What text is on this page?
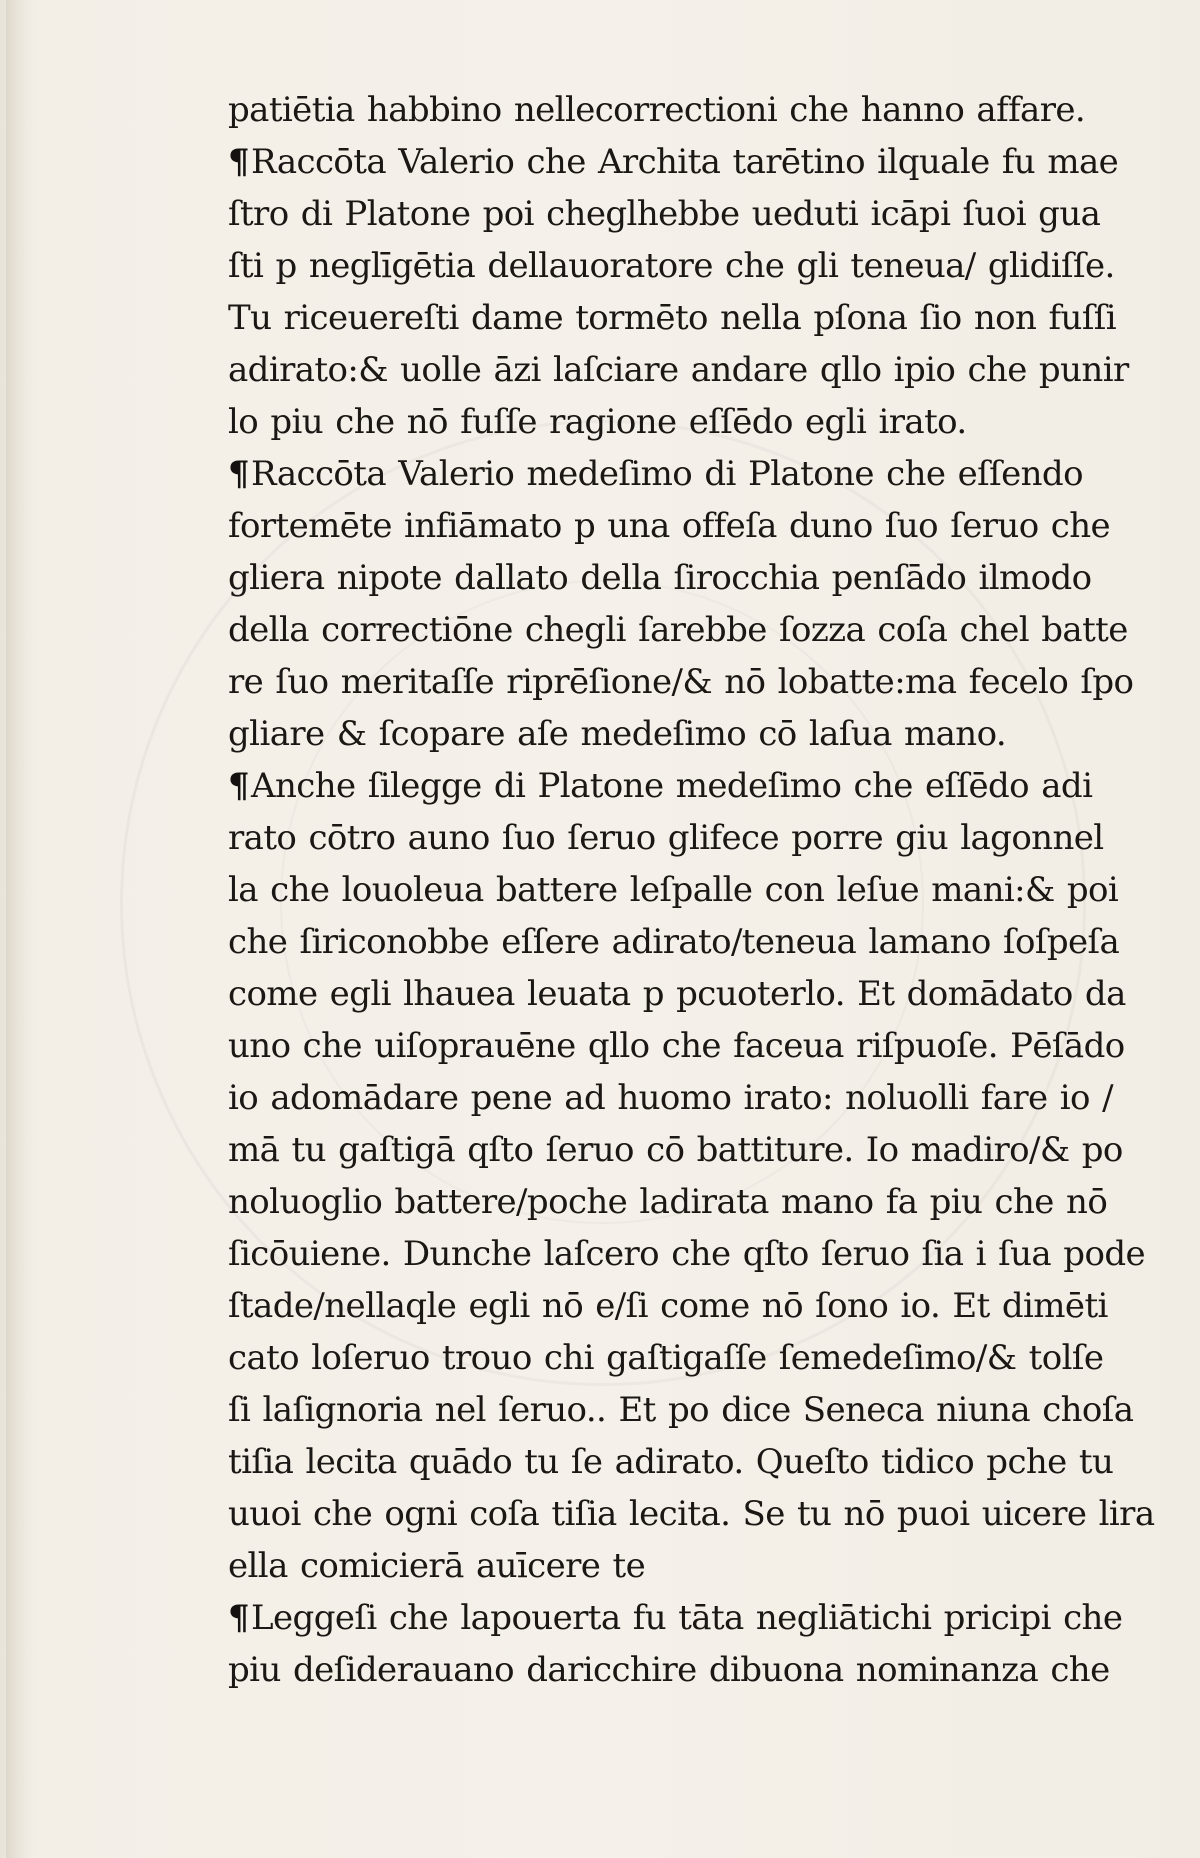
patiētia habbino nellecorrectioni che hanno affare.
¶Raccōta Valerio che Archita tarētino ilquale fu mae
ſtro di Platone poi cheglhebbe ueduti icāpi ſuoi gua
ſti p neglīgētia dellauoratore che gli teneua/ glidiſſe.
Tu riceuereſti dame tormēto nella pſona ſio non fuſſi
adirato:& uolle āzi laſciare andare qllo ipio che punir
lo piu che nō fuſſe ragione eſſēdo egli irato.
¶Raccōta Valerio medeſimo di Platone che eſſendo
fortemēte infiāmato p una offeſa duno ſuo ſeruo che
gliera nipote dallato della ſirocchia penſādo ilmodo
della correctiōne chegli ſarebbe ſozza coſa chel batte
re ſuo meritaſſe riprēſione/& nō lobatte:ma fecelo ſpo
gliare & ſcopare aſe medeſimo cō laſua mano.
¶Anche ſilegge di Platone medeſimo che eſſēdo adi
rato cōtro auno ſuo ſeruo glifece porre giu lagonnel
la che louoleua battere leſpalle con leſue mani:& poi
che ſiriconobbe eſſere adirato/teneua lamano ſoſpeſa
come egli lhauea leuata p pcuoterlo. Et domādato da
uno che uiſoprauēne qllo che faceua riſpuoſe. Pēſādo
io adomādare pene ad huomo irato: noluolli fare io /
mā tu gaſtigā qſto ſeruo cō battiture. Io madiro/& po
noluoglio battere/poche ladirata mano fa piu che nō
ſicōuiene. Dunche laſcero che qſto ſeruo ſia i ſua pode
ſtade/nellaqle egli nō e/ſi come nō ſono io. Et dimēti
cato loſeruo trouo chi gaſtigaſſe ſemedeſimo/& tolſe
ſi laſignoria nel ſeruo.. Et po dice Seneca niuna choſa
tiſia lecita quādo tu ſe adirato. Queſto tidico pche tu
uuoi che ogni coſa tiſia lecita. Se tu nō puoi uicere lira
ella comicierā auīcere te
¶Leggeſi che lapouerta fu tāta negliātichi pricipi che
piu deſiderauano daricchire dibuona nominanza che
